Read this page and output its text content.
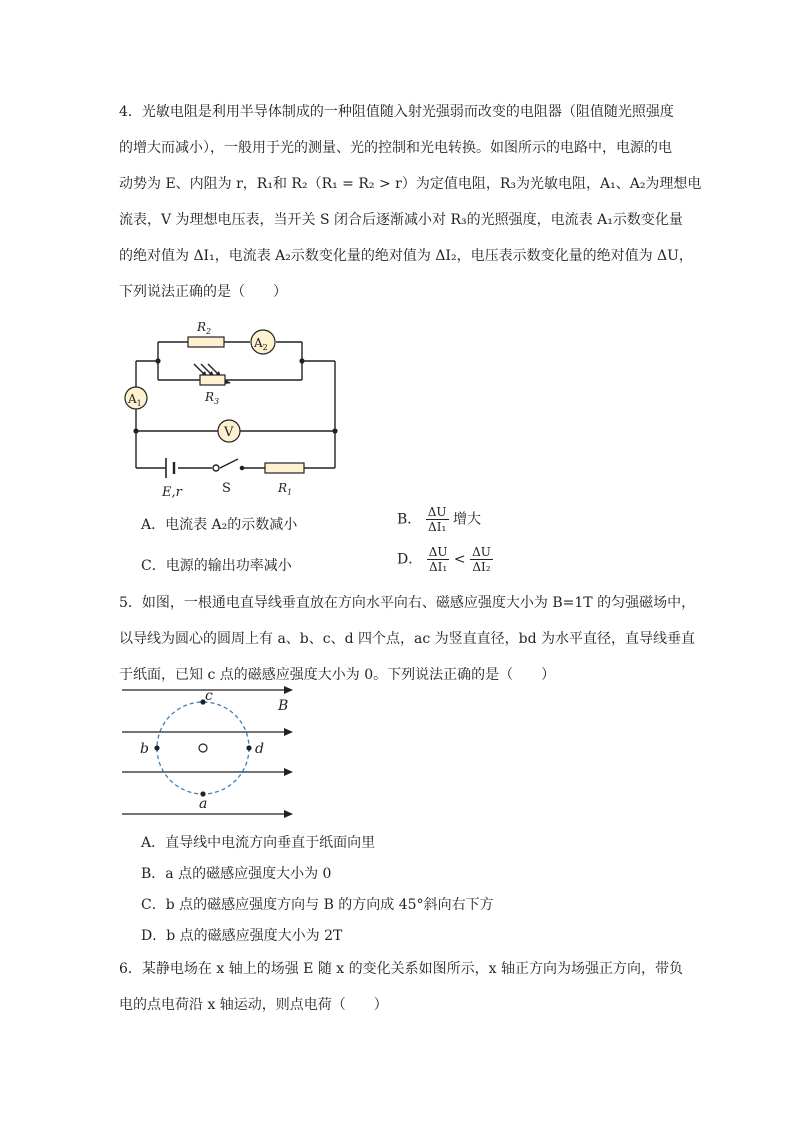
4．光敏电阻是利用半导体制成的一种阻值随入射光强弱而改变的电阻器（阻值随光照强度
的增大而减小），一般用于光的测量、光的控制和光电转换。如图所示的电路中，电源的电
动势为 E、内阻为 r，R₁和 R₂（R₁ = R₂ > r）为定值电阻，R₃为光敏电阻，A₁、A₂为理想电
流表，V 为理想电压表，当开关 S 闭合后逐渐减小对 R₃的光照强度，电流表 A₁示数变化量
的绝对值为 ΔI₁，电流表 A₂示数变化量的绝对值为 ΔI₂，电压表示数变化量的绝对值为 ΔU，
下列说法正确的是（　　）
$R_2$
$R_3$
$R_1$
$A_2$
$A_1$
V
E,r	S
A．电流表 A₂的示数减小	B． $\frac{\Delta U}{\text{ΔI₁}}$ 增大
C．电源的输出功率减小	D． $\frac{\Delta U}{\text{ΔI₁}} < \frac{\Delta U}{\text{ΔI₂}}$
5．如图，一根通电直导线垂直放在方向水平向右、磁感应强度大小为 B=1T 的匀强磁场中，
以导线为圆心的圆周上有 a、b、c、d 四个点，ac 为竖直直径，bd 为水平直径，直导线垂直
于纸面，已知 c 点的磁感应强度大小为 0。下列说法正确的是（　　）
c
a
b	d
B
A．直导线中电流方向垂直于纸面向里
B．a 点的磁感应强度大小为 0
C．b 点的磁感应强度方向与 B 的方向成 45°斜向右下方
D．b 点的磁感应强度大小为 2T
6．某静电场在 x 轴上的场强 E 随 x 的变化关系如图所示，x 轴正方向为场强正方向，带负
电的点电荷沿 x 轴运动，则点电荷（　　）
